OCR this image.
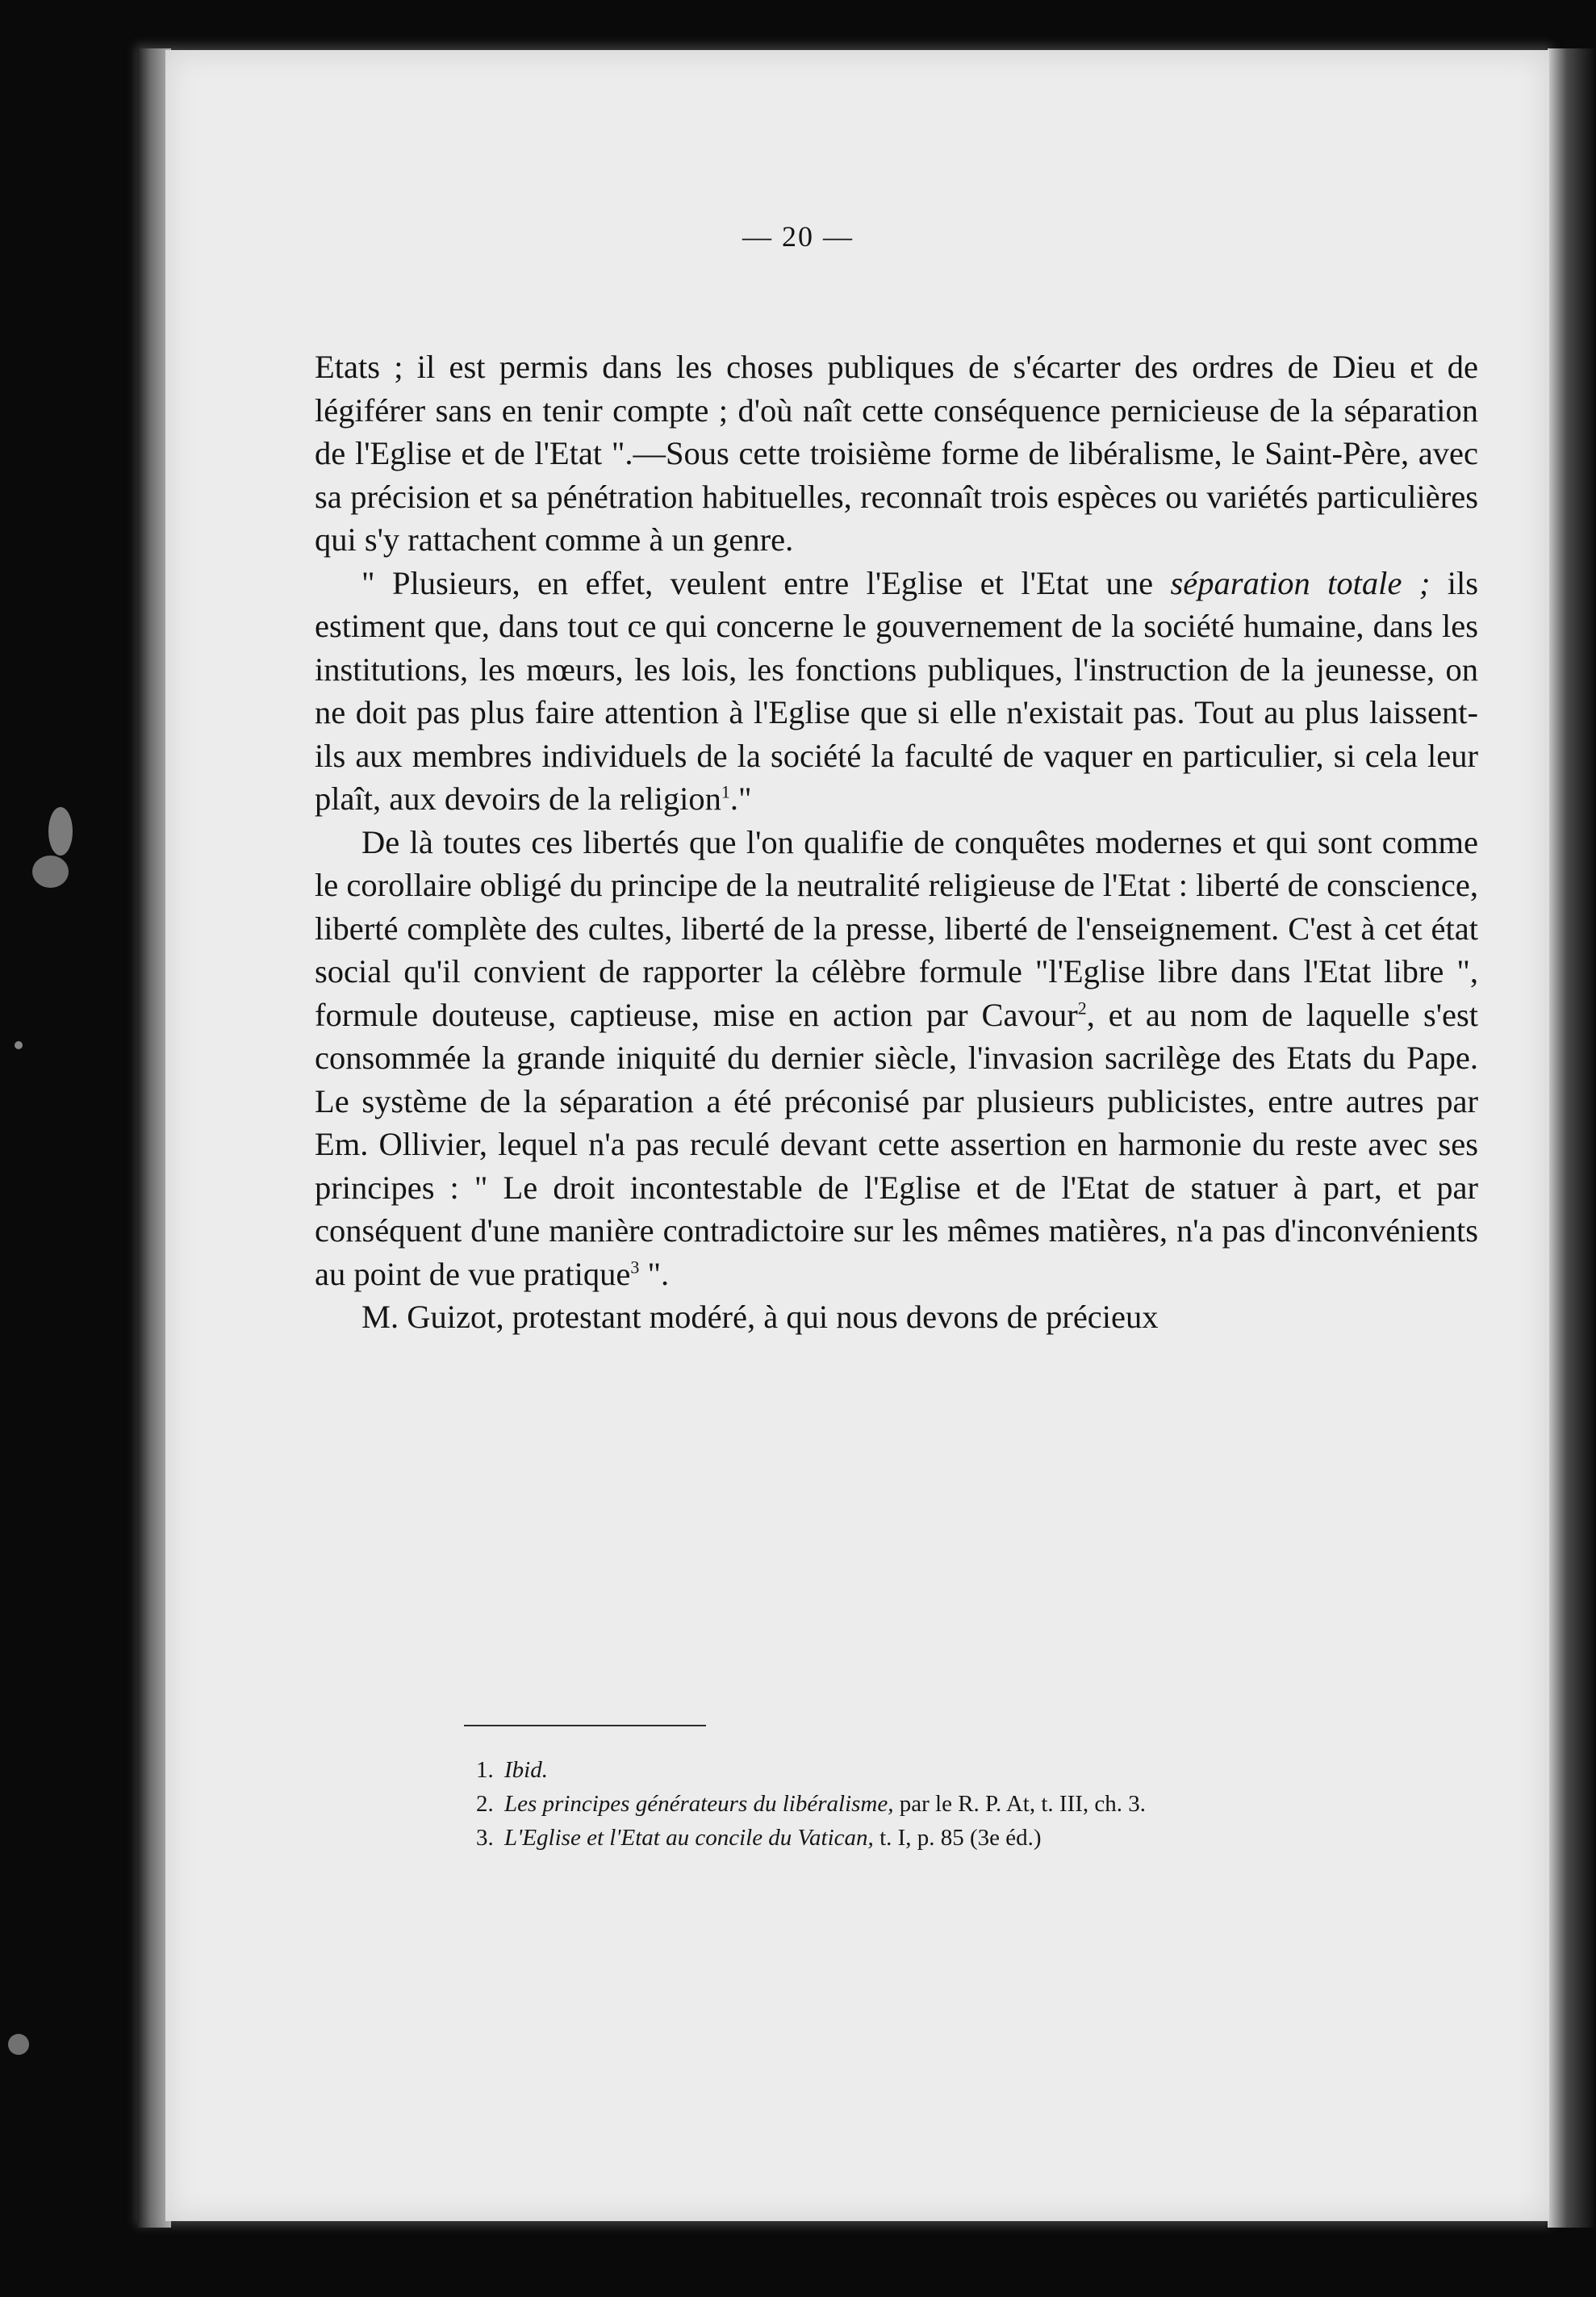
— 20 —

Etats ; il est permis dans les choses publiques de s'écarter des ordres de Dieu et de légiférer sans en tenir compte ; d'où naît cette conséquence pernicieuse de la séparation de l'Eglise et de l'Etat ".—Sous cette troisième forme de libéralisme, le Saint-Père, avec sa précision et sa pénétration habituelles, reconnaît trois espèces ou variétés particulières qui s'y rattachent comme à un genre.

" Plusieurs, en effet, veulent entre l'Eglise et l'Etat une séparation totale ; ils estiment que, dans tout ce qui concerne le gouvernement de la société humaine, dans les institutions, les mœurs, les lois, les fonctions publiques, l'instruction de la jeunesse, on ne doit pas plus faire attention à l'Eglise que si elle n'existait pas. Tout au plus laissent-ils aux membres individuels de la société la faculté de vaquer en particulier, si cela leur plaît, aux devoirs de la religion$^1$."

De là toutes ces libertés que l'on qualifie de conquêtes modernes et qui sont comme le corollaire obligé du principe de la neutralité religieuse de l'Etat : liberté de conscience, liberté complète des cultes, liberté de la presse, liberté de l'enseignement. C'est à cet état social qu'il convient de rapporter la célèbre formule "l'Eglise libre dans l'Etat libre ", formule douteuse, captieuse, mise en action par Cavour$^2$, et au nom de laquelle s'est consommée la grande iniquité du dernier siècle, l'invasion sacrilège des Etats du Pape. Le système de la séparation a été préconisé par plusieurs publicistes, entre autres par Em. Ollivier, lequel n'a pas reculé devant cette assertion en harmonie du reste avec ses principes : " Le droit incontestable de l'Eglise et de l'Etat de statuer à part, et par conséquent d'une manière contradictoire sur les mêmes matières, n'a pas d'inconvénients au point de vue pratique$^3$ ".

M. Guizot, protestant modéré, à qui nous devons de précieux

1. Ibid.
2. Les principes générateurs du libéralisme, par le R. P. At, t. III, ch. 3.
3. L'Eglise et l'Etat au concile du Vatican, t. I, p. 85 (3e éd.)
